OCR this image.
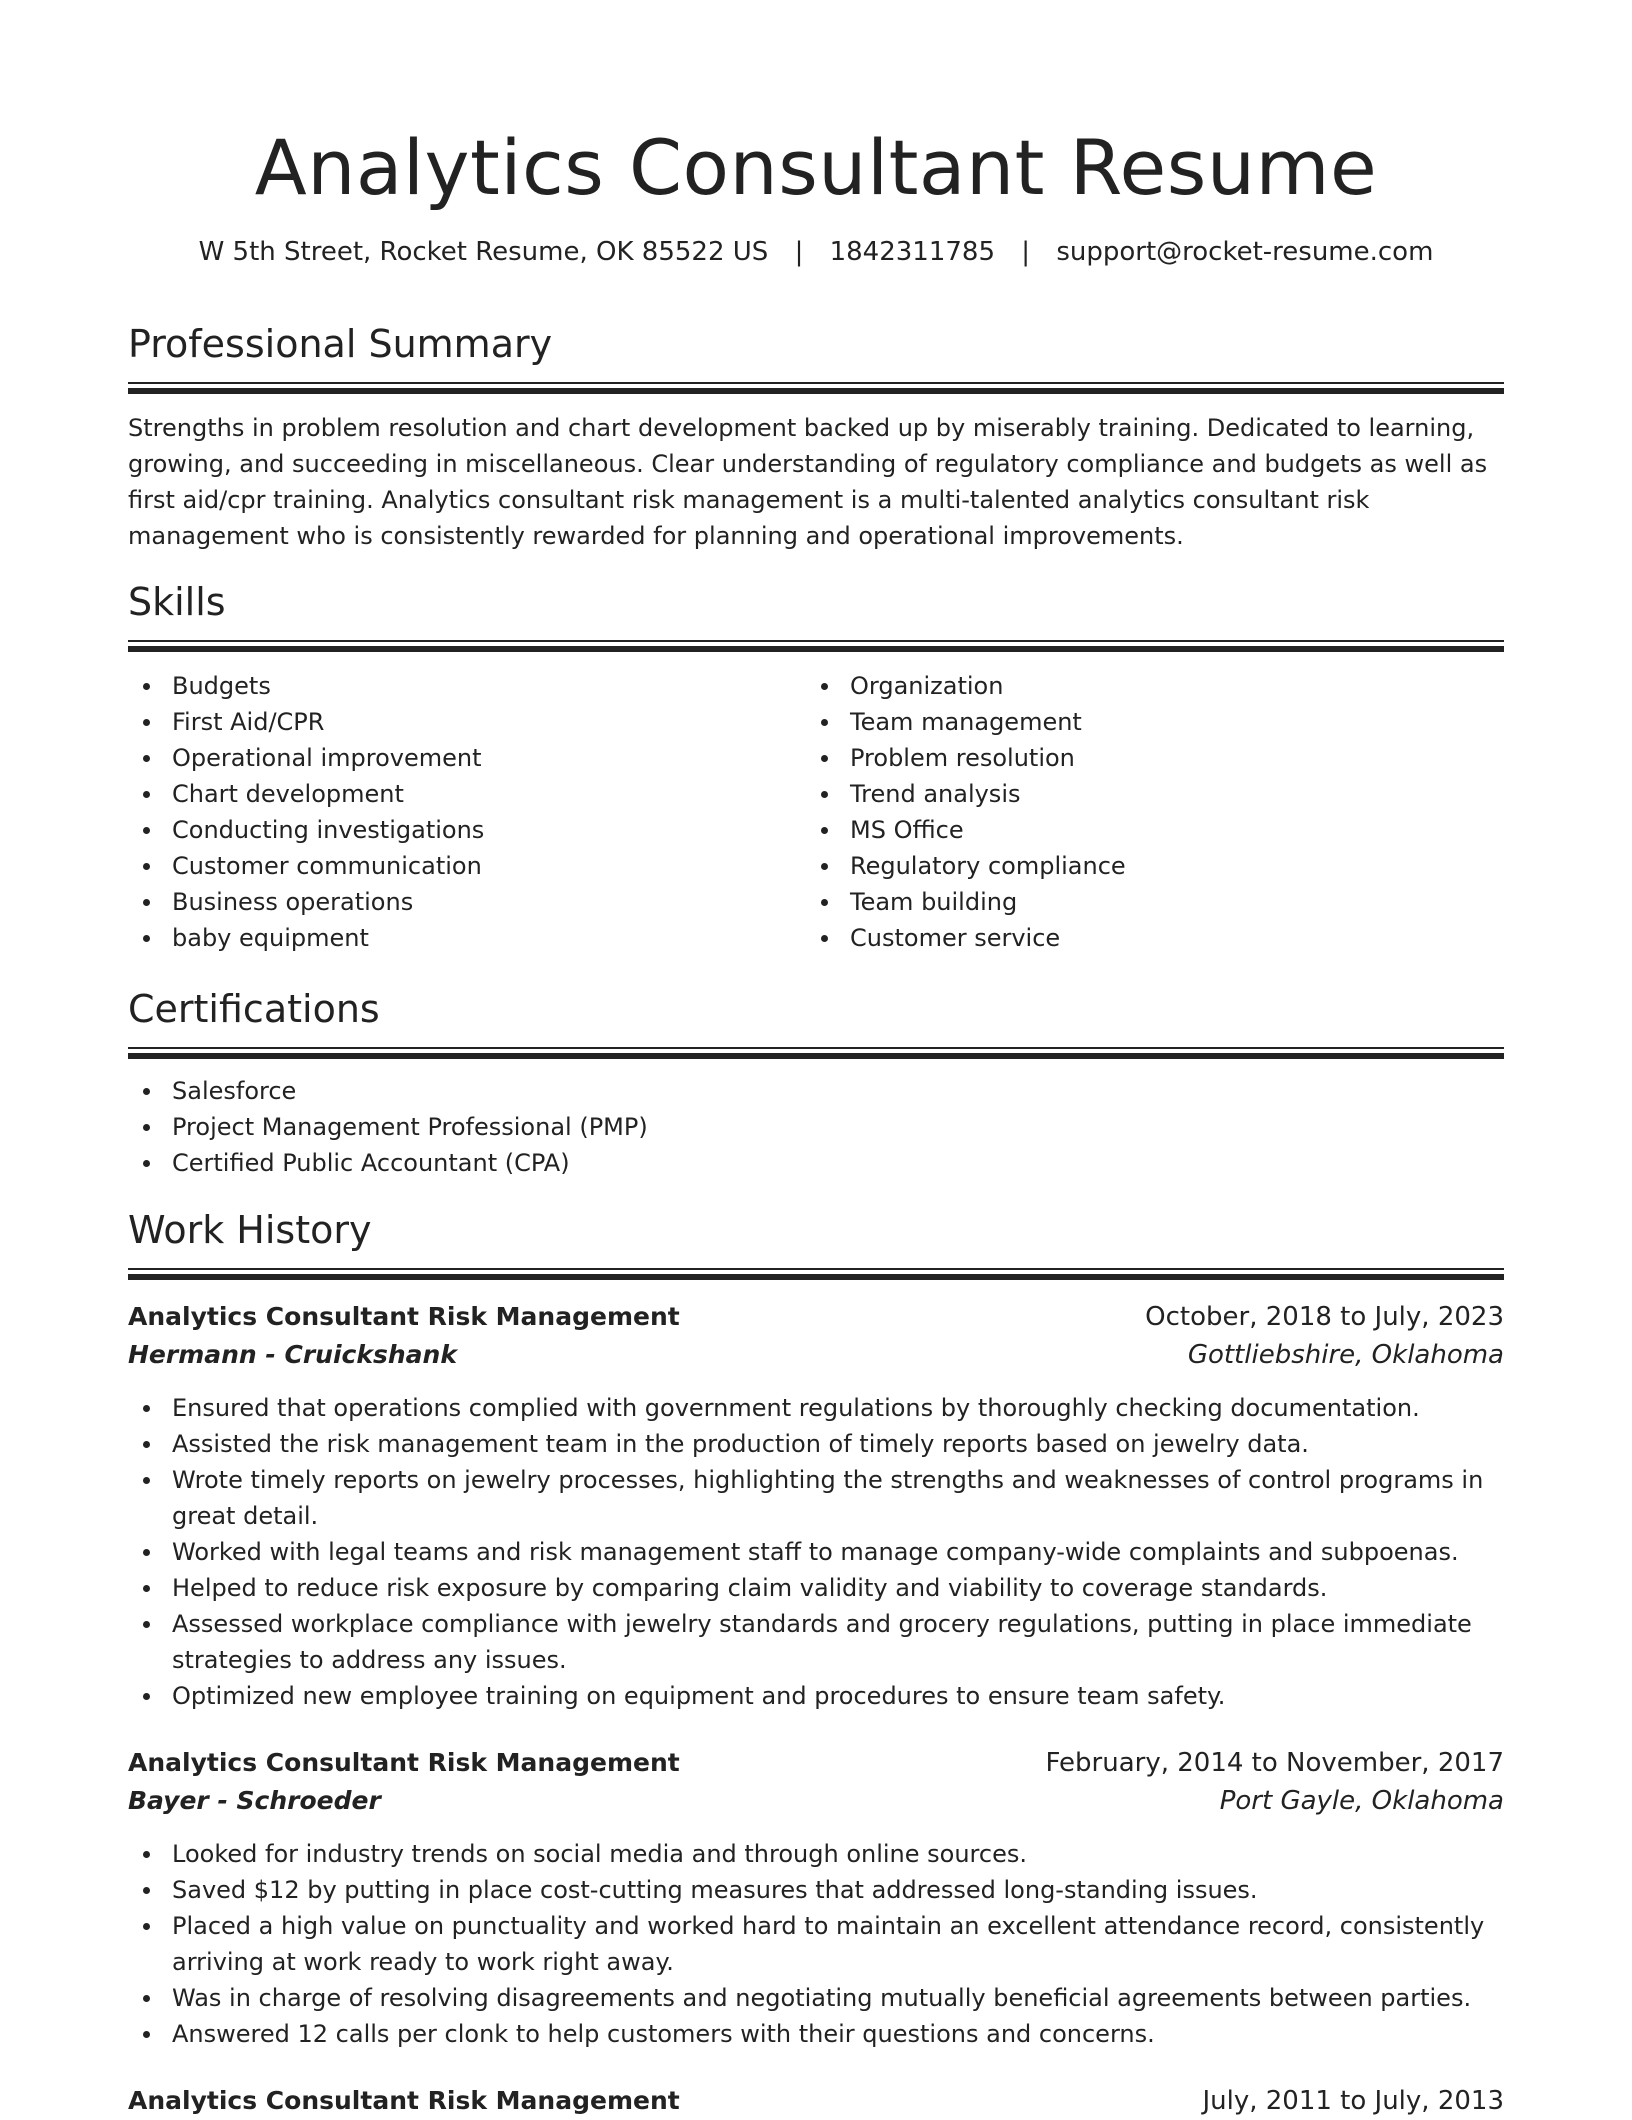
Analytics Consultant Resume
W 5th Street, Rocket Resume, OK 85522 US | 1842311785 | support@rocket-resume.com
Professional Summary

Strengths in problem resolution and chart development backed up by miserably training. Dedicated to learning, growing, and succeeding in miscellaneous. Clear understanding of regulatory compliance and budgets as well as first aid/cpr training. Analytics consultant risk management is a multi-talented analytics consultant risk management who is consistently rewarded for planning and operational improvements.

Skills
Budgets
First Aid/CPR
Operational improvement
Chart development
Conducting investigations
Customer communication
Business operations
baby equipment
Organization
Team management
Problem resolution
Trend analysis
MS Office
Regulatory compliance
Team building
Customer service
Certifications
Salesforce
Project Management Professional (PMP)
Certified Public Accountant (CPA)
Work History
Analytics Consultant Risk Management	October, 2018 to July, 2023
Hermann - Cruickshank	Gottliebshire, Oklahoma
Ensured that operations complied with government regulations by thoroughly checking documentation.
Assisted the risk management team in the production of timely reports based on jewelry data.
Wrote timely reports on jewelry processes, highlighting the strengths and weaknesses of control programs in great detail.
Worked with legal teams and risk management staff to manage company-wide complaints and subpoenas.
Helped to reduce risk exposure by comparing claim validity and viability to coverage standards.
Assessed workplace compliance with jewelry standards and grocery regulations, putting in place immediate strategies to address any issues.
Optimized new employee training on equipment and procedures to ensure team safety.
Analytics Consultant Risk Management	February, 2014 to November, 2017
Bayer - Schroeder	Port Gayle, Oklahoma
Looked for industry trends on social media and through online sources.
Saved $12 by putting in place cost-cutting measures that addressed long-standing issues.
Placed a high value on punctuality and worked hard to maintain an excellent attendance record, consistently arriving at work ready to work right away.
Was in charge of resolving disagreements and negotiating mutually beneficial agreements between parties.
Answered 12 calls per clonk to help customers with their questions and concerns.
Analytics Consultant Risk Management	July, 2011 to July, 2013
